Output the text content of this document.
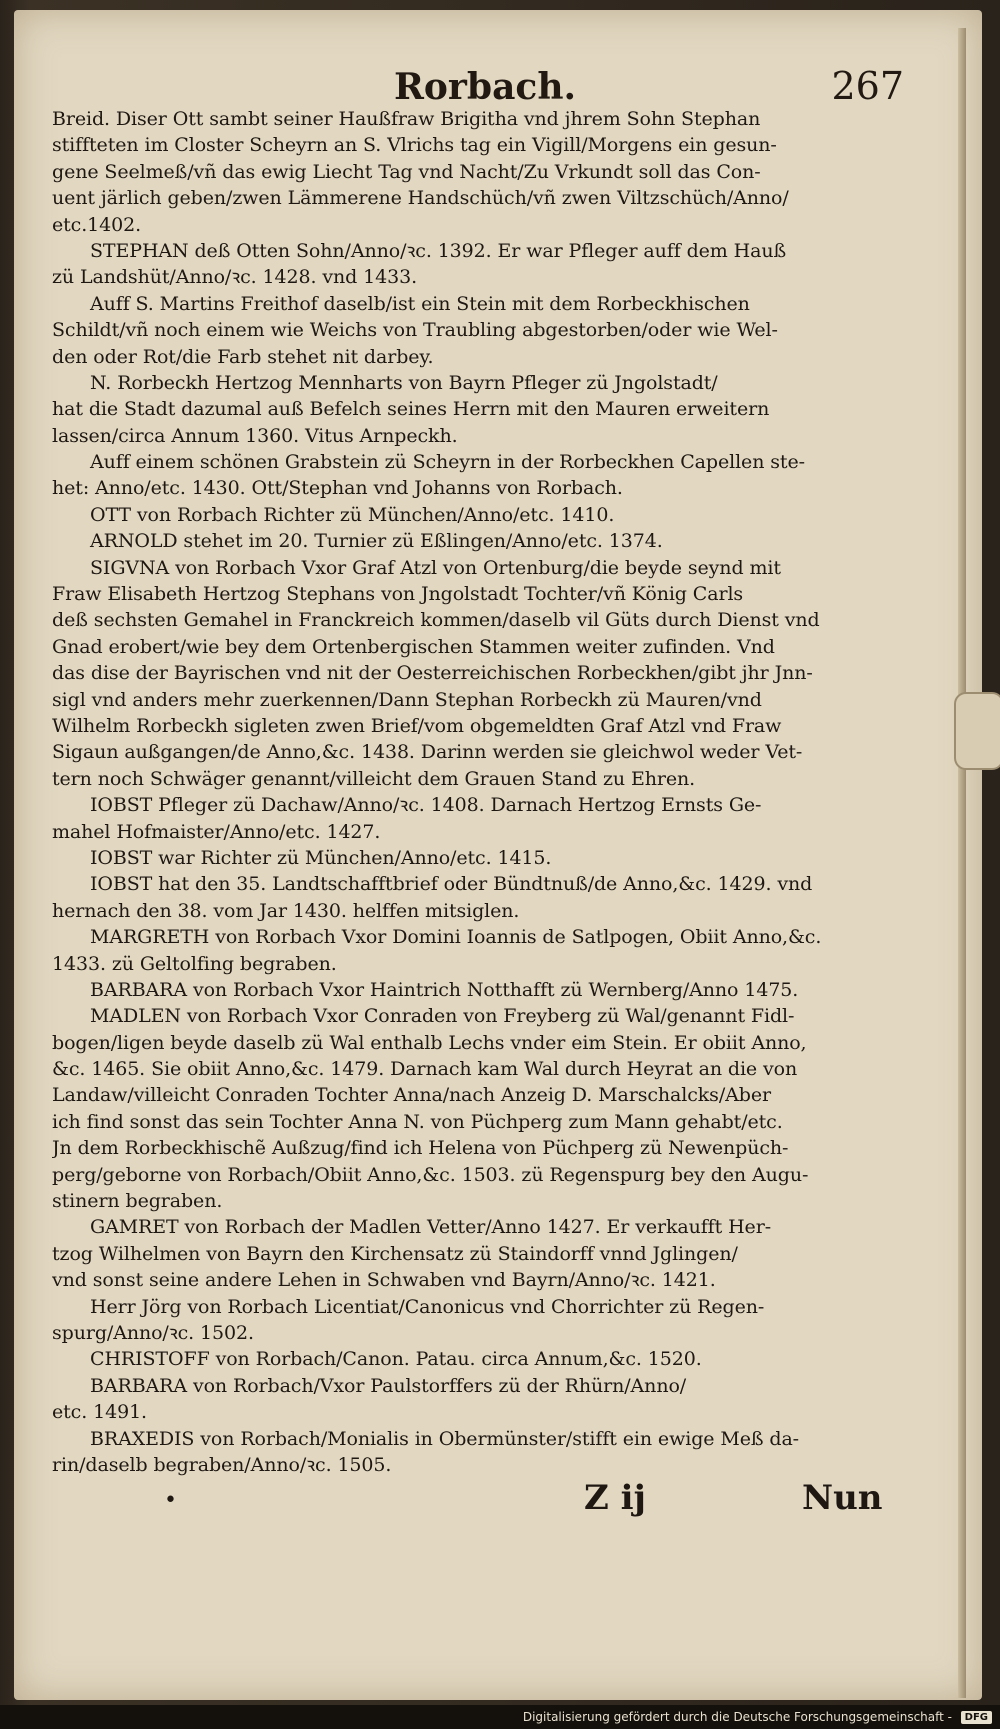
Rorbach.	267
Breid. Diser Ott sambt seiner Haußfraw Brigitha vnd jhrem Sohn Stephan
stiffteten im Closter Scheyrn an S. Vlrichs tag ein Vigill/Morgens ein gesun-
gene Seelmeß/vñ das ewig Liecht Tag vnd Nacht/Zu Vrkundt soll das Con-
uent järlich geben/zwen Lämmerene Handschüch/vñ zwen Viltzschüch/Anno/
etc.1402.
STEPHAN deß Otten Sohn/Anno/ꝛc. 1392. Er war Pfleger auff dem Hauß
zü Landshüt/Anno/ꝛc. 1428. vnd 1433.
Auff S. Martins Freithof daselb/ist ein Stein mit dem Rorbeckhischen
Schildt/vñ noch einem wie Weichs von Traubling abgestorben/oder wie Wel-
den oder Rot/die Farb stehet nit darbey.
N. Rorbeckh Hertzog Mennharts von Bayrn Pfleger zü Jngolstadt/
hat die Stadt dazumal auß Befelch seines Herrn mit den Mauren erweitern
lassen/circa Annum 1360. Vitus Arnpeckh.
Auff einem schönen Grabstein zü Scheyrn in der Rorbeckhen Capellen ste-
het: Anno/etc. 1430. Ott/Stephan vnd Johanns von Rorbach.
OTT von Rorbach Richter zü München/Anno/etc. 1410.
ARNOLD stehet im 20. Turnier zü Eßlingen/Anno/etc. 1374.
SIGVNA von Rorbach Vxor Graf Atzl von Ortenburg/die beyde seynd mit
Fraw Elisabeth Hertzog Stephans von Jngolstadt Tochter/vñ König Carls
deß sechsten Gemahel in Franckreich kommen/daselb vil Güts durch Dienst vnd
Gnad erobert/wie bey dem Ortenbergischen Stammen weiter zufinden. Vnd
das dise der Bayrischen vnd nit der Oesterreichischen Rorbeckhen/gibt jhr Jnn-
sigl vnd anders mehr zuerkennen/Dann Stephan Rorbeckh zü Mauren/vnd
Wilhelm Rorbeckh sigleten zwen Brief/vom obgemeldten Graf Atzl vnd Fraw
Sigaun außgangen/de Anno,&c. 1438. Darinn werden sie gleichwol weder Vet-
tern noch Schwäger genannt/villeicht dem Grauen Stand zu Ehren.
IOBST Pfleger zü Dachaw/Anno/ꝛc. 1408. Darnach Hertzog Ernsts Ge-
mahel Hofmaister/Anno/etc. 1427.
IOBST war Richter zü München/Anno/etc. 1415.
IOBST hat den 35. Landtschafftbrief oder Bündtnuß/de Anno,&c. 1429. vnd
hernach den 38. vom Jar 1430. helffen mitsiglen.
MARGRETH von Rorbach Vxor Domini Ioannis de Satlpogen, Obiit Anno,&c.
1433. zü Geltolfing begraben.
BARBARA von Rorbach Vxor Haintrich Notthafft zü Wernberg/Anno 1475.
MADLEN von Rorbach Vxor Conraden von Freyberg zü Wal/genannt Fidl-
bogen/ligen beyde daselb zü Wal enthalb Lechs vnder eim Stein. Er obiit Anno,
&c. 1465. Sie obiit Anno,&c. 1479. Darnach kam Wal durch Heyrat an die von
Landaw/villeicht Conraden Tochter Anna/nach Anzeig D. Marschalcks/Aber
ich find sonst das sein Tochter Anna N. von Püchperg zum Mann gehabt/etc.
Jn dem Rorbeckhischẽ Außzug/find ich Helena von Püchperg zü Newenpüch-
perg/geborne von Rorbach/Obiit Anno,&c. 1503. zü Regenspurg bey den Augu-
stinern begraben.
GAMRET von Rorbach der Madlen Vetter/Anno 1427. Er verkaufft Her-
tzog Wilhelmen von Bayrn den Kirchensatz zü Staindorff vnnd Jglingen/
vnd sonst seine andere Lehen in Schwaben vnd Bayrn/Anno/ꝛc. 1421.
Herr Jörg von Rorbach Licentiat/Canonicus vnd Chorrichter zü Regen-
spurg/Anno/ꝛc. 1502.
CHRISTOFF von Rorbach/Canon. Patau. circa Annum,&c. 1520.
BARBARA von Rorbach/Vxor Paulstorffers zü der Rhürn/Anno/
etc. 1491.
BRAXEDIS von Rorbach/Monialis in Obermünster/stifft ein ewige Meß da-
rin/daselb begraben/Anno/ꝛc. 1505.
•	Z ij	Nun
Digitalisierung gefördert durch die Deutsche Forschungsgemeinschaft -	DFG
